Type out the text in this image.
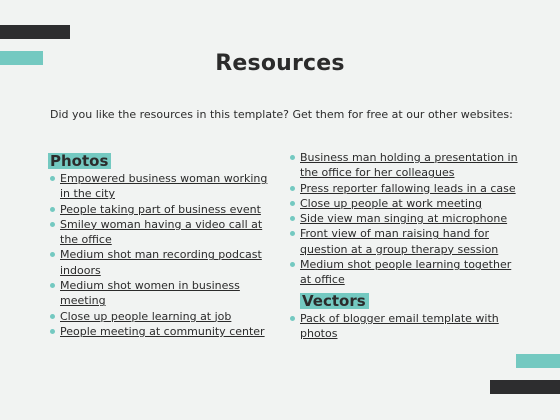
Resources
Did you like the resources in this template? Get them for free at our other websites:
Photos
Empowered business woman working in the city
People taking part of business event
Smiley woman having a video call at the office
Medium shot man recording podcast indoors
Medium shot women in business meeting
Close up people learning at job
People meeting at community center
Business man holding a presentation in the office for her colleagues
Press reporter fallowing leads in a case
Close up people at work meeting
Side view man singing at microphone
Front view of man raising hand for question at a group therapy session
Medium shot people learning together at office
Vectors
Pack of blogger email template with photos
